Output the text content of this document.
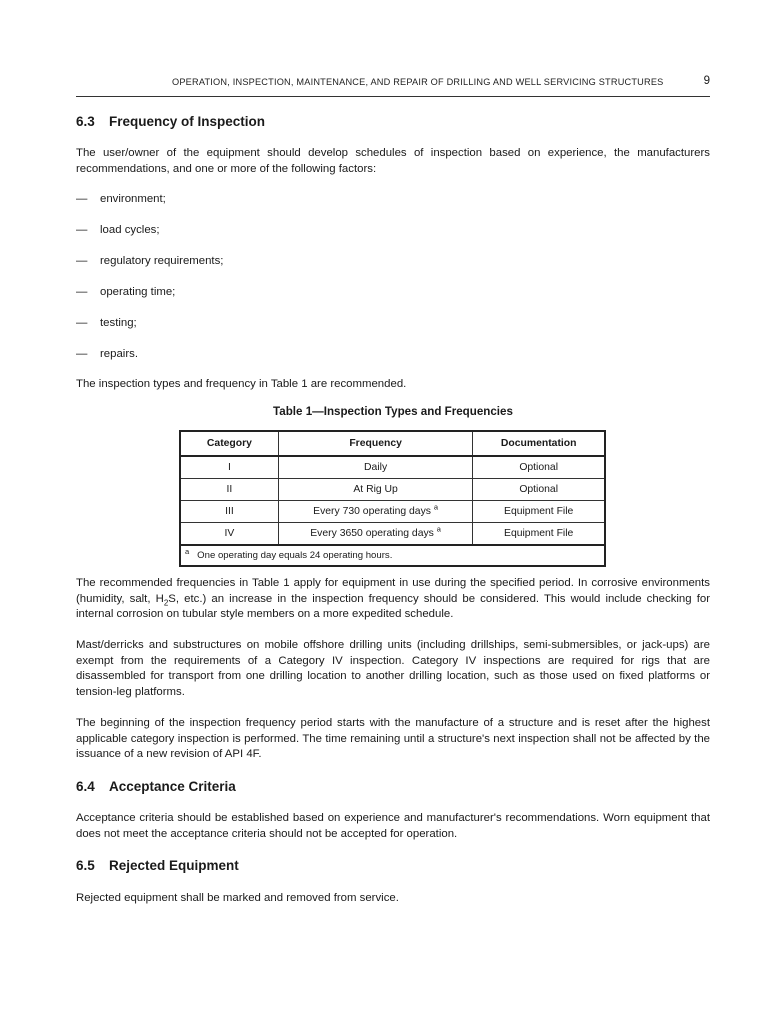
OPERATION, INSPECTION, MAINTENANCE, AND REPAIR OF DRILLING AND WELL SERVICING STRUCTURES	9
6.3 Frequency of Inspection

The user/owner of the equipment should develop schedules of inspection based on experience, the manufacturers recommendations, and one or more of the following factors:

— environment;
— load cycles;
— regulatory requirements;
— operating time;
— testing;
— repairs.

The inspection types and frequency in Table 1 are recommended.

Table 1—Inspection Types and Frequencies
Category	Frequency	Documentation
I	Daily	Optional
II	At Rig Up	Optional
III	Every 730 operating days $^a$	Equipment File
IV	Every 3650 operating days $^a$	Equipment File
$^a$ One operating day equals 24 operating hours.		

The recommended frequencies in Table 1 apply for equipment in use during the specified period. In corrosive environments (humidity, salt, $H_2S$, etc.) an increase in the inspection frequency should be considered. This would include checking for internal corrosion on tubular style members on a more expedited schedule.

Mast/derricks and substructures on mobile offshore drilling units (including drillships, semi-submersibles, or jack-ups) are exempt from the requirements of a Category IV inspection. Category IV inspections are required for rigs that are disassembled for transport from one drilling location to another drilling location, such as those used on fixed platforms or tension-leg platforms.

The beginning of the inspection frequency period starts with the manufacture of a structure and is reset after the highest applicable category inspection is performed. The time remaining until a structure's next inspection shall not be affected by the issuance of a new revision of API 4F.

6.4 Acceptance Criteria

Acceptance criteria should be established based on experience and manufacturer's recommendations. Worn equipment that does not meet the acceptance criteria should not be accepted for operation.

6.5 Rejected Equipment

Rejected equipment shall be marked and removed from service.
